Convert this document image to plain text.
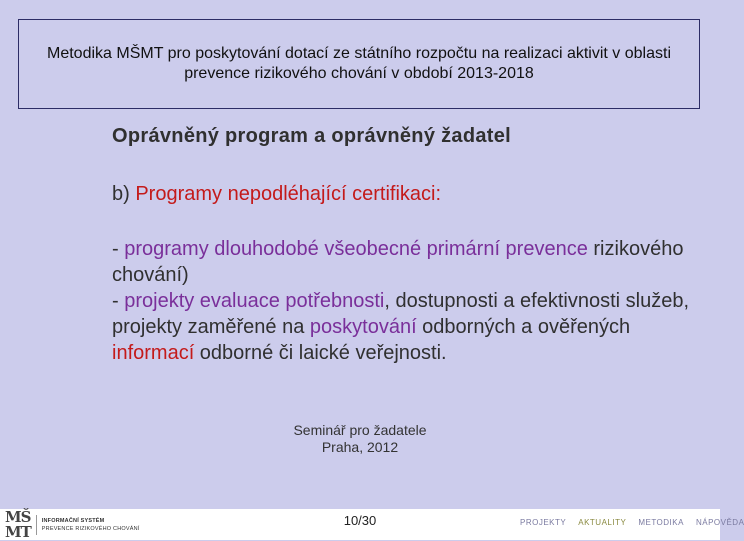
Metodika MŠMT pro poskytování dotací ze státního rozpočtu na realizaci aktivit v oblasti prevence rizikového chování v období 2013-2018
Oprávněný program a oprávněný žadatel
b) Programy nepodléhající certifikaci:

- programy dlouhodobé všeobecné primární prevence rizikového chování)

- projekty evaluace potřebnosti, dostupnosti a efektivnosti služeb, projekty zaměřené na poskytování odborných a ověřených informací odborné či laické veřejnosti.

Seminář pro žadatele
Praha, 2012
MŠ
MT
INFORMAČNÍ SYSTÉM
PREVENCE RIZIKOVÉHO CHOVÁNÍ
10/30	PROJEKTY AKTUALITY METODIKA NÁPOVĚDA
